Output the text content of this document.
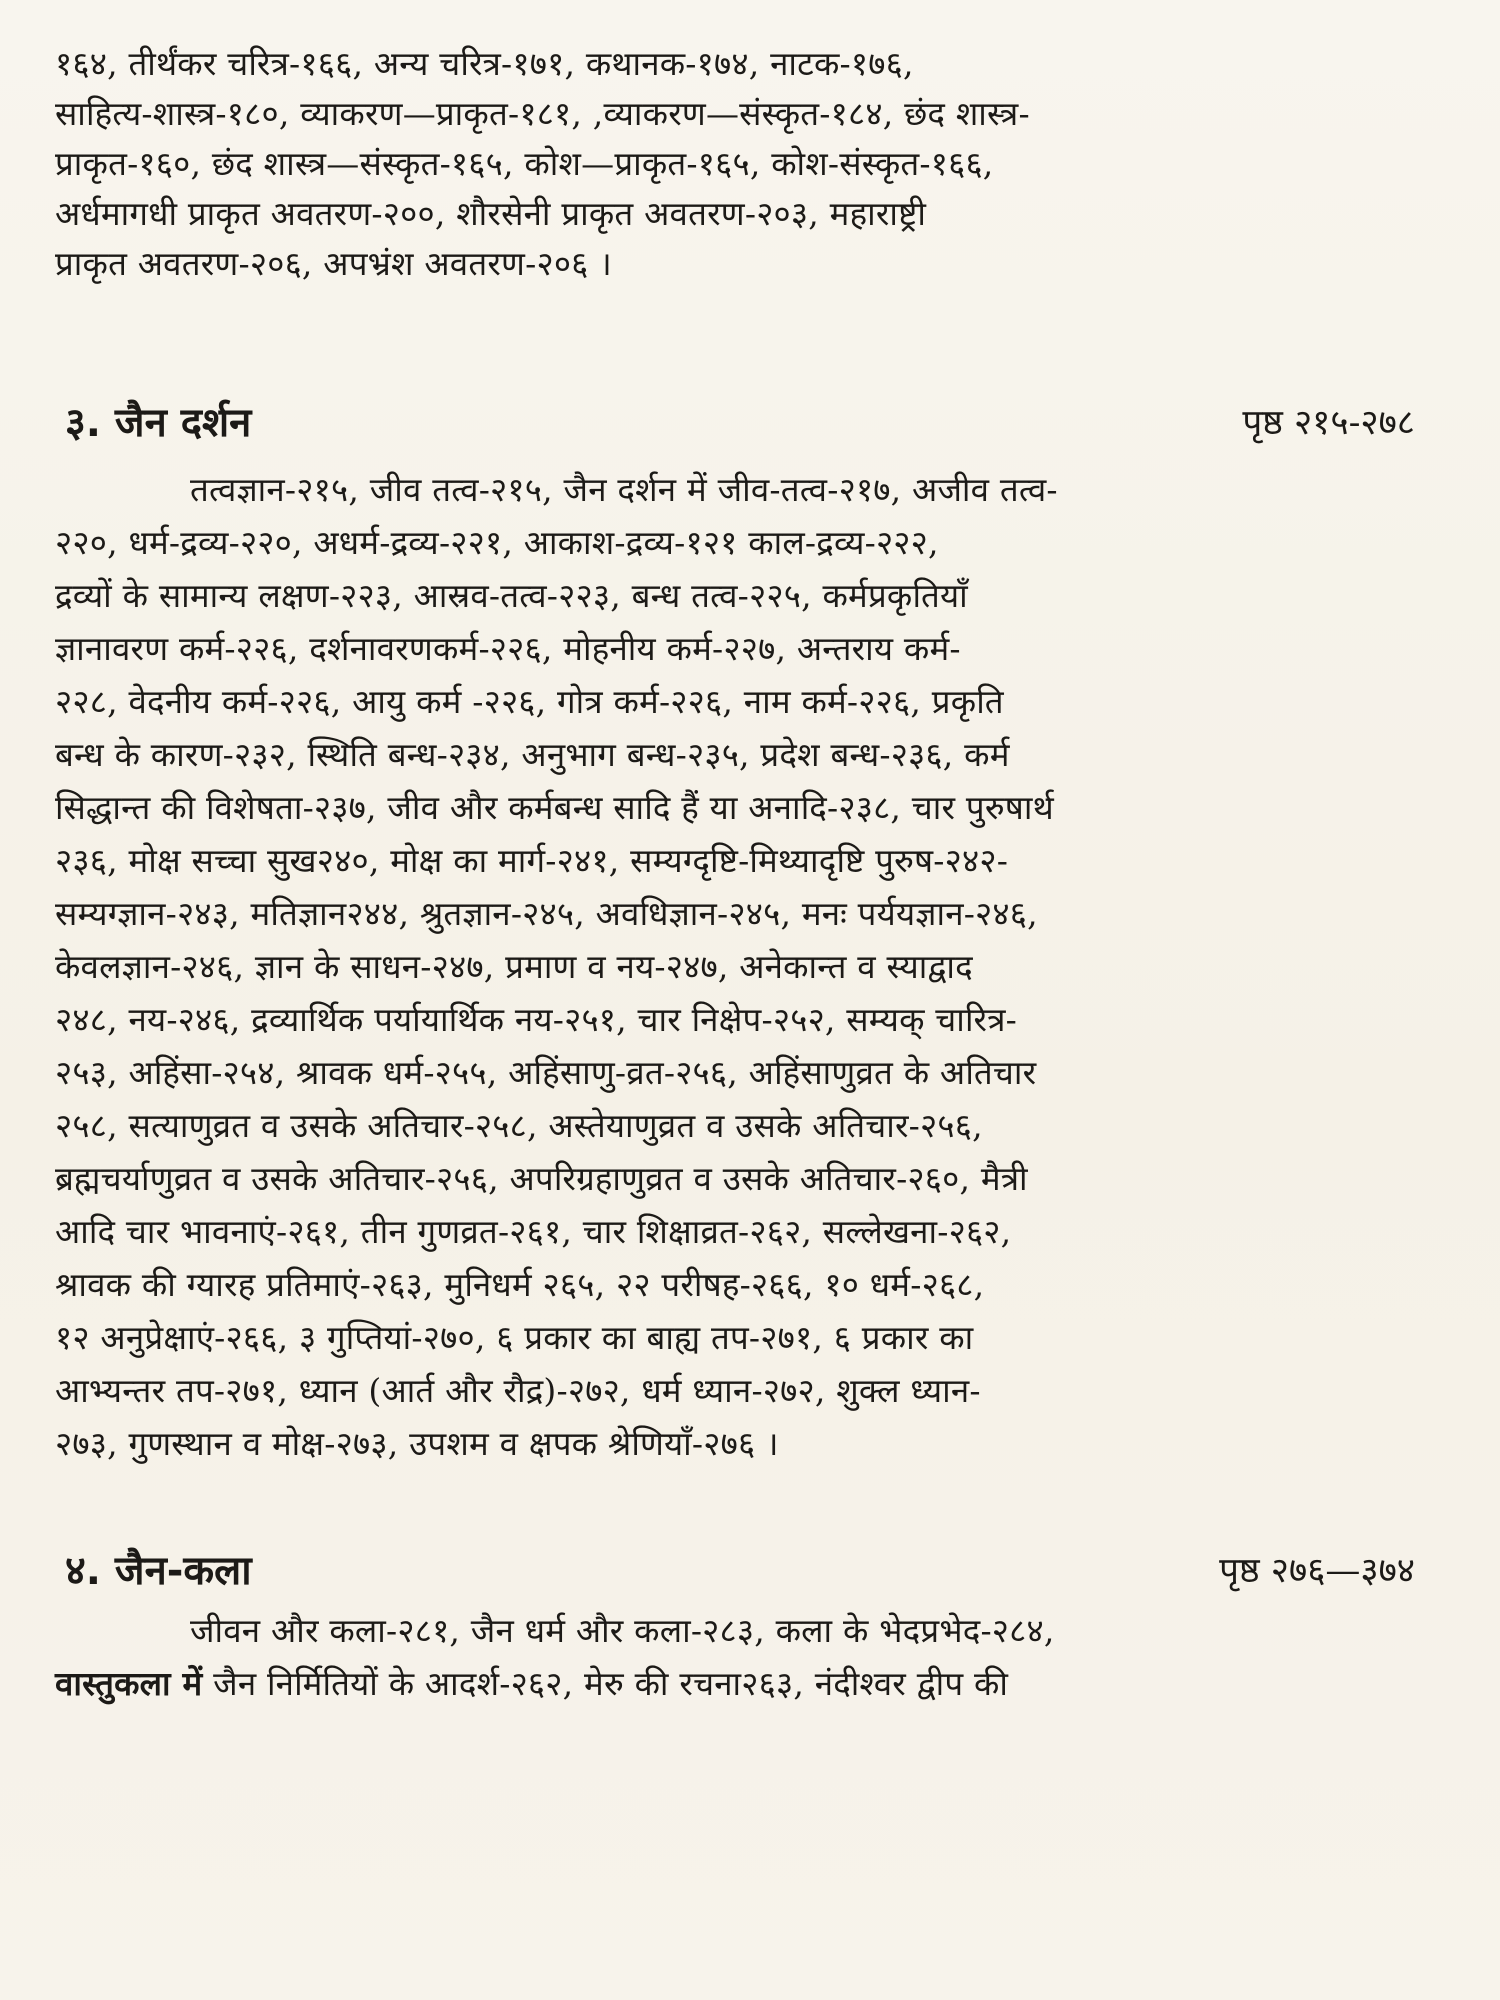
१६४, तीर्थंकर चरित्र-१६६, अन्य चरित्र-१७१, कथानक-१७४, नाटक-१७६,
साहित्य-शास्त्र-१८०, व्याकरण—प्राकृत-१८१, ,व्याकरण—संस्कृत-१८४, छंद शास्त्र-
प्राकृत-१६०, छंद शास्त्र—संस्कृत-१६५, कोश—प्राकृत-१६५, कोश-संस्कृत-१६६,
अर्धमागधी प्राकृत अवतरण-२००, शौरसेनी प्राकृत अवतरण-२०३, महाराष्ट्री
प्राकृत अवतरण-२०६, अपभ्रंश अवतरण-२०६ ।
३. जैन दर्शन	पृष्ठ २१५-२७८
तत्वज्ञान-२१५, जीव तत्व-२१५, जैन दर्शन में जीव-तत्व-२१७, अजीव तत्व-
२२०, धर्म-द्रव्य-२२०, अधर्म-द्रव्य-२२१, आकाश-द्रव्य-१२१ काल-द्रव्य-२२२,
द्रव्यों के सामान्य लक्षण-२२३, आस्रव-तत्व-२२३, बन्ध तत्व-२२५, कर्मप्रकृतियाँ
ज्ञानावरण कर्म-२२६, दर्शनावरणकर्म-२२६, मोहनीय कर्म-२२७, अन्तराय कर्म-
२२८, वेदनीय कर्म-२२६, आयु कर्म -२२६, गोत्र कर्म-२२६, नाम कर्म-२२६, प्रकृति
बन्ध के कारण-२३२, स्थिति बन्ध-२३४, अनुभाग बन्ध-२३५, प्रदेश बन्ध-२३६, कर्म
सिद्धान्त की विशेषता-२३७, जीव और कर्मबन्ध सादि हैं या अनादि-२३८, चार पुरुषार्थ
२३६, मोक्ष सच्चा सुख२४०, मोक्ष का मार्ग-२४१, सम्यग्दृष्टि-मिथ्यादृष्टि पुरुष-२४२-
सम्यग्ज्ञान-२४३, मतिज्ञान२४४, श्रुतज्ञान-२४५, अवधिज्ञान-२४५, मनः पर्ययज्ञान-२४६,
केवलज्ञान-२४६, ज्ञान के साधन-२४७, प्रमाण व नय-२४७, अनेकान्त व स्याद्वाद
२४८, नय-२४६, द्रव्यार्थिक पर्यायार्थिक नय-२५१, चार निक्षेप-२५२, सम्यक् चारित्र-
२५३, अहिंसा-२५४, श्रावक धर्म-२५५, अहिंसाणु-व्रत-२५६, अहिंसाणुव्रत के अतिचार
२५८, सत्याणुव्रत व उसके अतिचार-२५८, अस्तेयाणुव्रत व उसके अतिचार-२५६,
ब्रह्मचर्याणुव्रत व उसके अतिचार-२५६, अपरिग्रहाणुव्रत व उसके अतिचार-२६०, मैत्री
आदि चार भावनाएं-२६१, तीन गुणव्रत-२६१, चार शिक्षाव्रत-२६२, सल्लेखना-२६२,
श्रावक की ग्यारह प्रतिमाएं-२६३, मुनिधर्म २६५, २२ परीषह-२६६, १० धर्म-२६८,
१२ अनुप्रेक्षाएं-२६६, ३ गुप्तियां-२७०, ६ प्रकार का बाह्य तप-२७१, ६ प्रकार का
आभ्यन्तर तप-२७१, ध्यान (आर्त और रौद्र)-२७२, धर्म ध्यान-२७२, शुक्ल ध्यान-
२७३, गुणस्थान व मोक्ष-२७३, उपशम व क्षपक श्रेणियाँ-२७६ ।
४. जैन-कला	पृष्ठ २७६—३७४
जीवन और कला-२८१, जैन धर्म और कला-२८३, कला के भेदप्रभेद-२८४,
वास्तुकला में जैन निर्मितियों के आदर्श-२६२, मेरु की रचना२६३, नंदीश्वर द्वीप की
